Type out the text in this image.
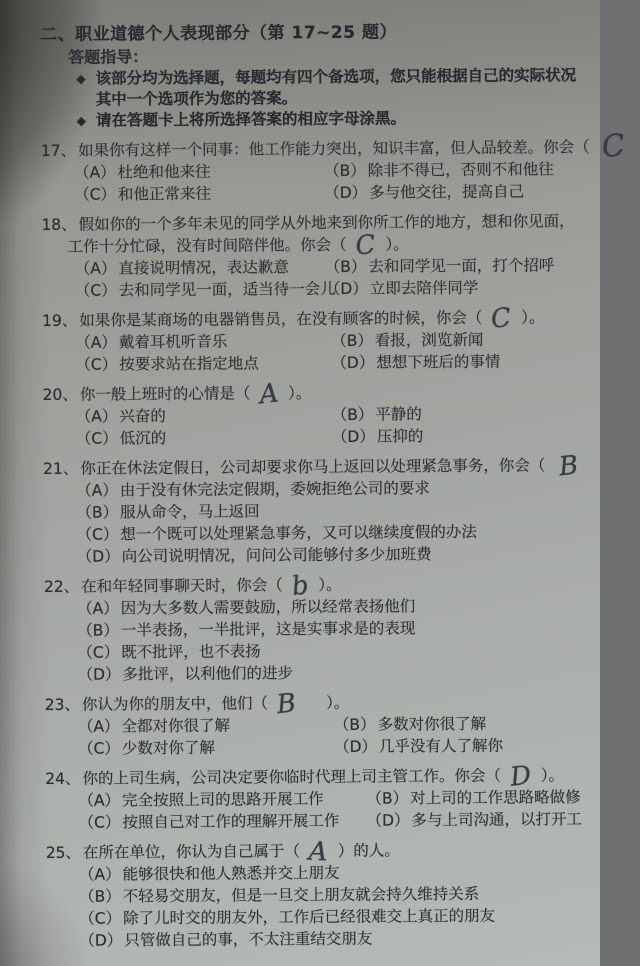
二、职业道德个人表现部分（第 17~25 题）
答题指导：
◆ 该部分均为选择题，每题均有四个备选项，您只能根据自己的实际状况
其中一个选项作为您的答案。
◆ 请在答题卡上将所选择答案的相应字母涂黑。
17、 如果你有这样一个同事：他工作能力突出，知识丰富，但人品较差。你会（ C
（A） 杜绝和他来往	（B） 除非不得已，否则不和他往
（C） 和他正常来往	（D） 多与他交往，提高自己
18、 假如你的一个多年未见的同学从外地来到你所工作的地方，想和你见面，
工作十分忙碌，没有时间陪伴他。你会（ C ）。
（A） 直接说明情况，表达歉意	（B） 去和同学见一面，打个招呼
（C） 去和同学见一面，适当待一会儿
（D） 立即去陪伴同学
19、 如果你是某商场的电器销售员，在没有顾客的时候，你会（ C ）。
（A） 戴着耳机听音乐	（B） 看报，浏览新闻
（C） 按要求站在指定地点	（D） 想想下班后的事情
20、 你一般上班时的心情是（ A ）。
（A） 兴奋的	（B） 平静的
（C） 低沉的	（D） 压抑的
21、 你正在休法定假日，公司却要求你马上返回以处理紧急事务，你会（ B
（A） 由于没有休完法定假期，委婉拒绝公司的要求
（B） 服从命令，马上返回
（C） 想一个既可以处理紧急事务，又可以继续度假的办法
（D） 向公司说明情况，问问公司能够付多少加班费
22、 在和年轻同事聊天时，你会（ b ）。
（A） 因为大多数人需要鼓励，所以经常表扬他们
（B） 一半表扬，一半批评，这是实事求是的表现
（C） 既不批评，也不表扬
（D） 多批评，以利他们的进步
23、 你认为你的朋友中，他们（ B ）。
（A） 全都对你很了解	（B） 多数对你很了解
（C） 少数对你了解	（D） 几乎没有人了解你
24、 你的上司生病，公司决定要你临时代理上司主管工作。你会（ D ）。
（A） 完全按照上司的思路开展工作	（B） 对上司的工作思路略做修
（C） 按照自己对工作的理解开展工作	（D） 多与上司沟通，以打开工
25、 在所在单位，你认为自己属于（ A ）的人。
（A） 能够很快和他人熟悉并交上朋友
（B） 不轻易交朋友，但是一旦交上朋友就会持久维持关系
（C） 除了儿时交的朋友外，工作后已经很难交上真正的朋友
（D） 只管做自己的事，不太注重结交朋友
